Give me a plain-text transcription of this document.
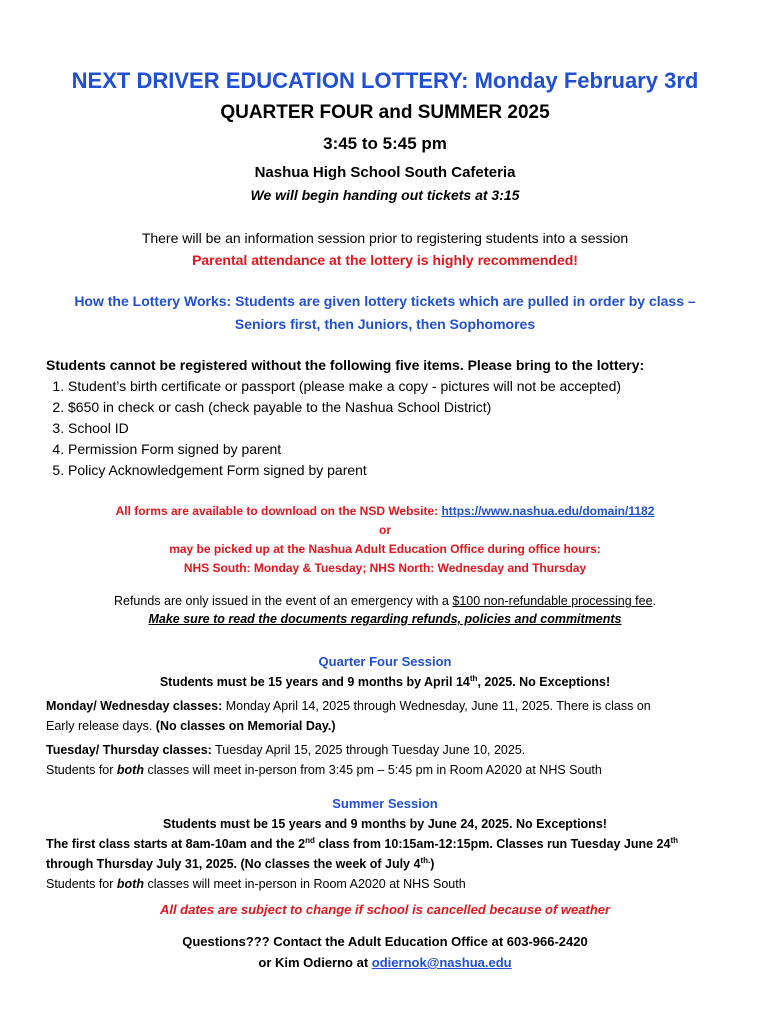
NEXT DRIVER EDUCATION LOTTERY: Monday February 3rd
QUARTER FOUR and SUMMER 2025
3:45 to 5:45 pm
Nashua High School South Cafeteria
We will begin handing out tickets at 3:15
There will be an information session prior to registering students into a session
Parental attendance at the lottery is highly recommended!
How the Lottery Works: Students are given lottery tickets which are pulled in order by class –
Seniors first, then Juniors, then Sophomores
Students cannot be registered without the following five items. Please bring to the lottery:
1. Student’s birth certificate or passport (please make a copy - pictures will not be accepted)
2. $650 in check or cash (check payable to the Nashua School District)
3. School ID
4. Permission Form signed by parent
5. Policy Acknowledgement Form signed by parent
All forms are available to download on the NSD Website: https://www.nashua.edu/domain/1182
or
may be picked up at the Nashua Adult Education Office during office hours:
NHS South: Monday & Tuesday; NHS North: Wednesday and Thursday
Refunds are only issued in the event of an emergency with a $100 non-refundable processing fee.
Make sure to read the documents regarding refunds, policies and commitments
Quarter Four Session
Students must be 15 years and 9 months by April 14th, 2025. No Exceptions!
Monday/ Wednesday classes: Monday April 14, 2025 through Wednesday, June 11, 2025. There is class on
Early release days. (No classes on Memorial Day.)
Tuesday/ Thursday classes: Tuesday April 15, 2025 through Tuesday June 10, 2025.
Students for both classes will meet in-person from 3:45 pm – 5:45 pm in Room A2020 at NHS South
Summer Session
Students must be 15 years and 9 months by June 24, 2025. No Exceptions!
The first class starts at 8am-10am and the 2nd class from 10:15am-12:15pm. Classes run Tuesday June 24th
through Thursday July 31, 2025. (No classes the week of July $4^{th.}$)
Students for both classes will meet in-person in Room A2020 at NHS South
All dates are subject to change if school is cancelled because of weather
Questions??? Contact the Adult Education Office at 603-966-2420
or Kim Odierno at odiernok@nashua.edu
